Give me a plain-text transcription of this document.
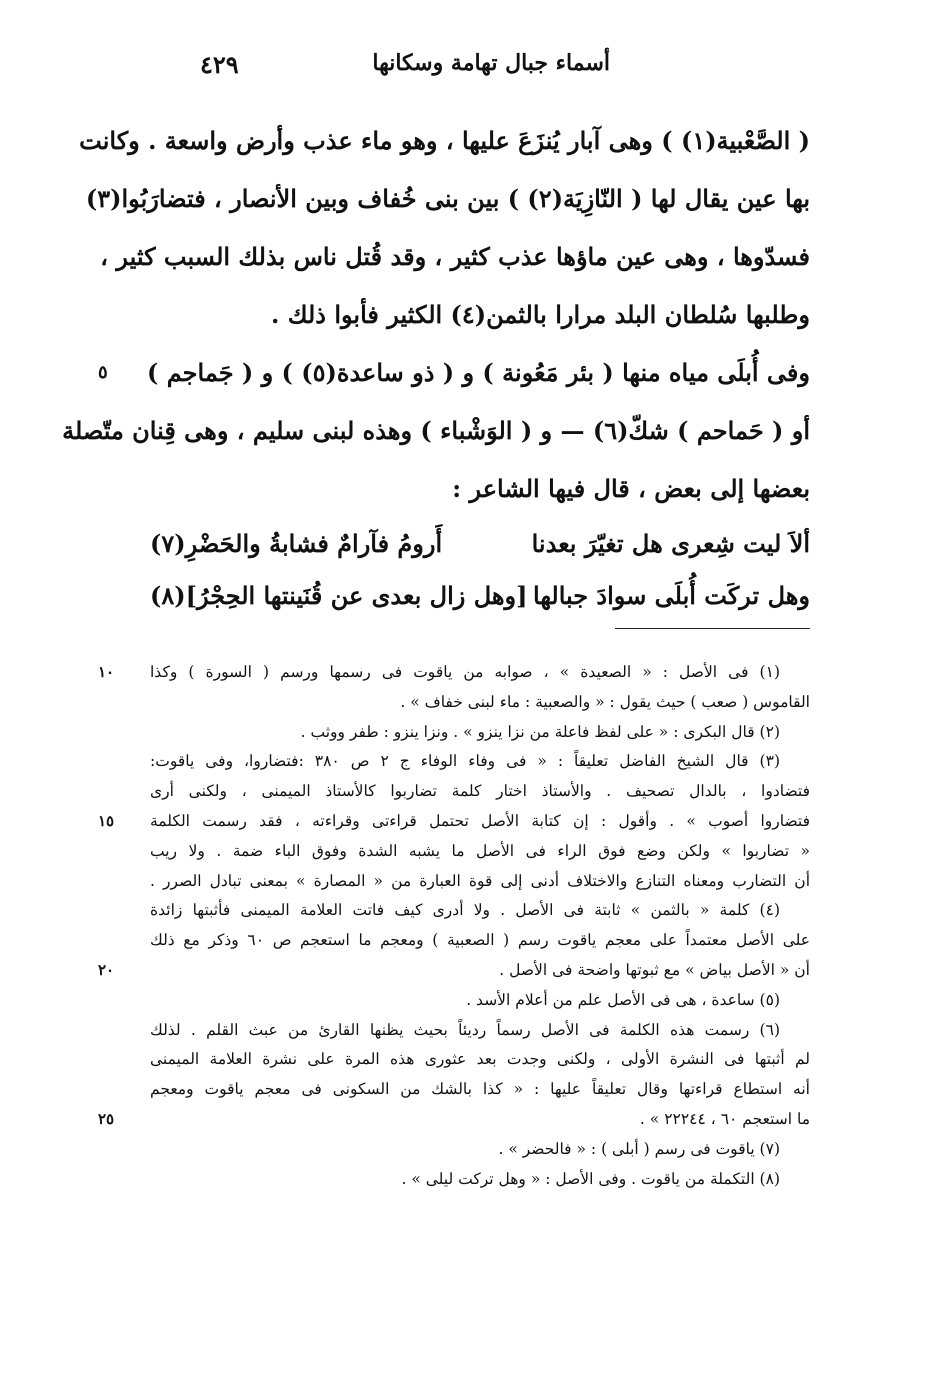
أسماء جبال تهامة وسكانها
٤٢٩
( الصَّعْبية(١) ) وهى آبار يُنزَعَ عليها ، وهو ماء عذب وأرض واسعة . وكانت
بها عين يقال لها ( النّازِيَة(٢) ) بين بنى خُفاف وبين الأنصار ، فتضارَبُوا(٣)
فسدّوها ، وهى عين ماؤها عذب كثير ، وقد قُتل ناس بذلك السبب كثير ،
وطلبها سُلطان البلد مرارا بالثمن(٤) الكثير فأبوا ذلك .
وفى أُبلَى مياه منها ( بئر مَعُونة ) و ( ذو ساعدة(٥) ) و ( جَماجم )
٥
أو ( حَماحم ) شكّ(٦) — و ( الوَشْباء ) وهذه لبنى سليم ، وهى قِنان متّصلة
بعضها إلى بعض ، قال فيها الشاعر :
ألاَ ليت شِعرى هل تغيّرَ بعدنا
أَرومُ فآرامٌ فشابةُ والحَضْرِ(٧)
وهل تركَت أُبلَى سوادَ جبالها
[وهل زال بعدى عن قُنَينتها الحِجْرُ](٨)
(١) فى الأصل : « الصعيدة » ، صوابه من ياقوت فى رسمها ورسم ( السورة ) وكذا
١٠
القاموس ( صعب ) حيث يقول : « والصعبية : ماء لبنى خفاف » .
(٢) قال البكرى : « على لفظ فاعلة من نزا ينزو » . ونزا ينزو : طفر ووثب .
(٣) قال الشيخ الفاضل تعليقاً : « فى وفاء الوفاء ج ٢ ص ٣٨٠ :فتضاروا، وفى ياقوت:
فتضادوا ، بالدال تصحيف . والأستاذ اختار كلمة تضاربوا كالأستاذ الميمنى ، ولكنى أرى
فتضاروا أصوب » . وأقول : إن كتابة الأصل تحتمل قراءتى وقراءته ، فقد رسمت الكلمة
١٥
« تضاربوا » ولكن وضع فوق الراء فى الأصل ما يشبه الشدة وفوق الباء ضمة . ولا ريب
أن التضارب ومعناه التنازع والاختلاف أدنى إلى قوة العبارة من « المصارة » بمعنى تبادل الصرر .
(٤) كلمة « بالثمن » ثابتة فى الأصل . ولا أدرى كيف فاتت العلامة الميمنى فأثبتها زائدة
على الأصل معتمداً على معجم ياقوت رسم ( الصعبية ) ومعجم ما استعجم ص ٦٠ وذكر مع ذلك
أن « الأصل بياض » مع ثبوتها واضحة فى الأصل .
٢٠
(٥) ساعدة ، هى فى الأصل علم من أعلام الأسد .
(٦) رسمت هذه الكلمة فى الأصل رسماً رديئاً بحيث يظنها القارئ من عبث القلم . لذلك
لم أثبتها فى النشرة الأولى ، ولكنى وجدت بعد عثورى هذه المرة على نشرة العلامة الميمنى
أنه استطاع قراءتها وقال تعليقاً عليها : « كذا بالشك من السكونى فى معجم ياقوت ومعجم
ما استعجم ٦٠ ، ٢٢٢٤٤ » .
٢٥
(٧) ياقوت فى رسم ( أبلى ) : « فالحضر » .
(٨) التكملة من ياقوت . وفى الأصل : « وهل تركت ليلى » .
